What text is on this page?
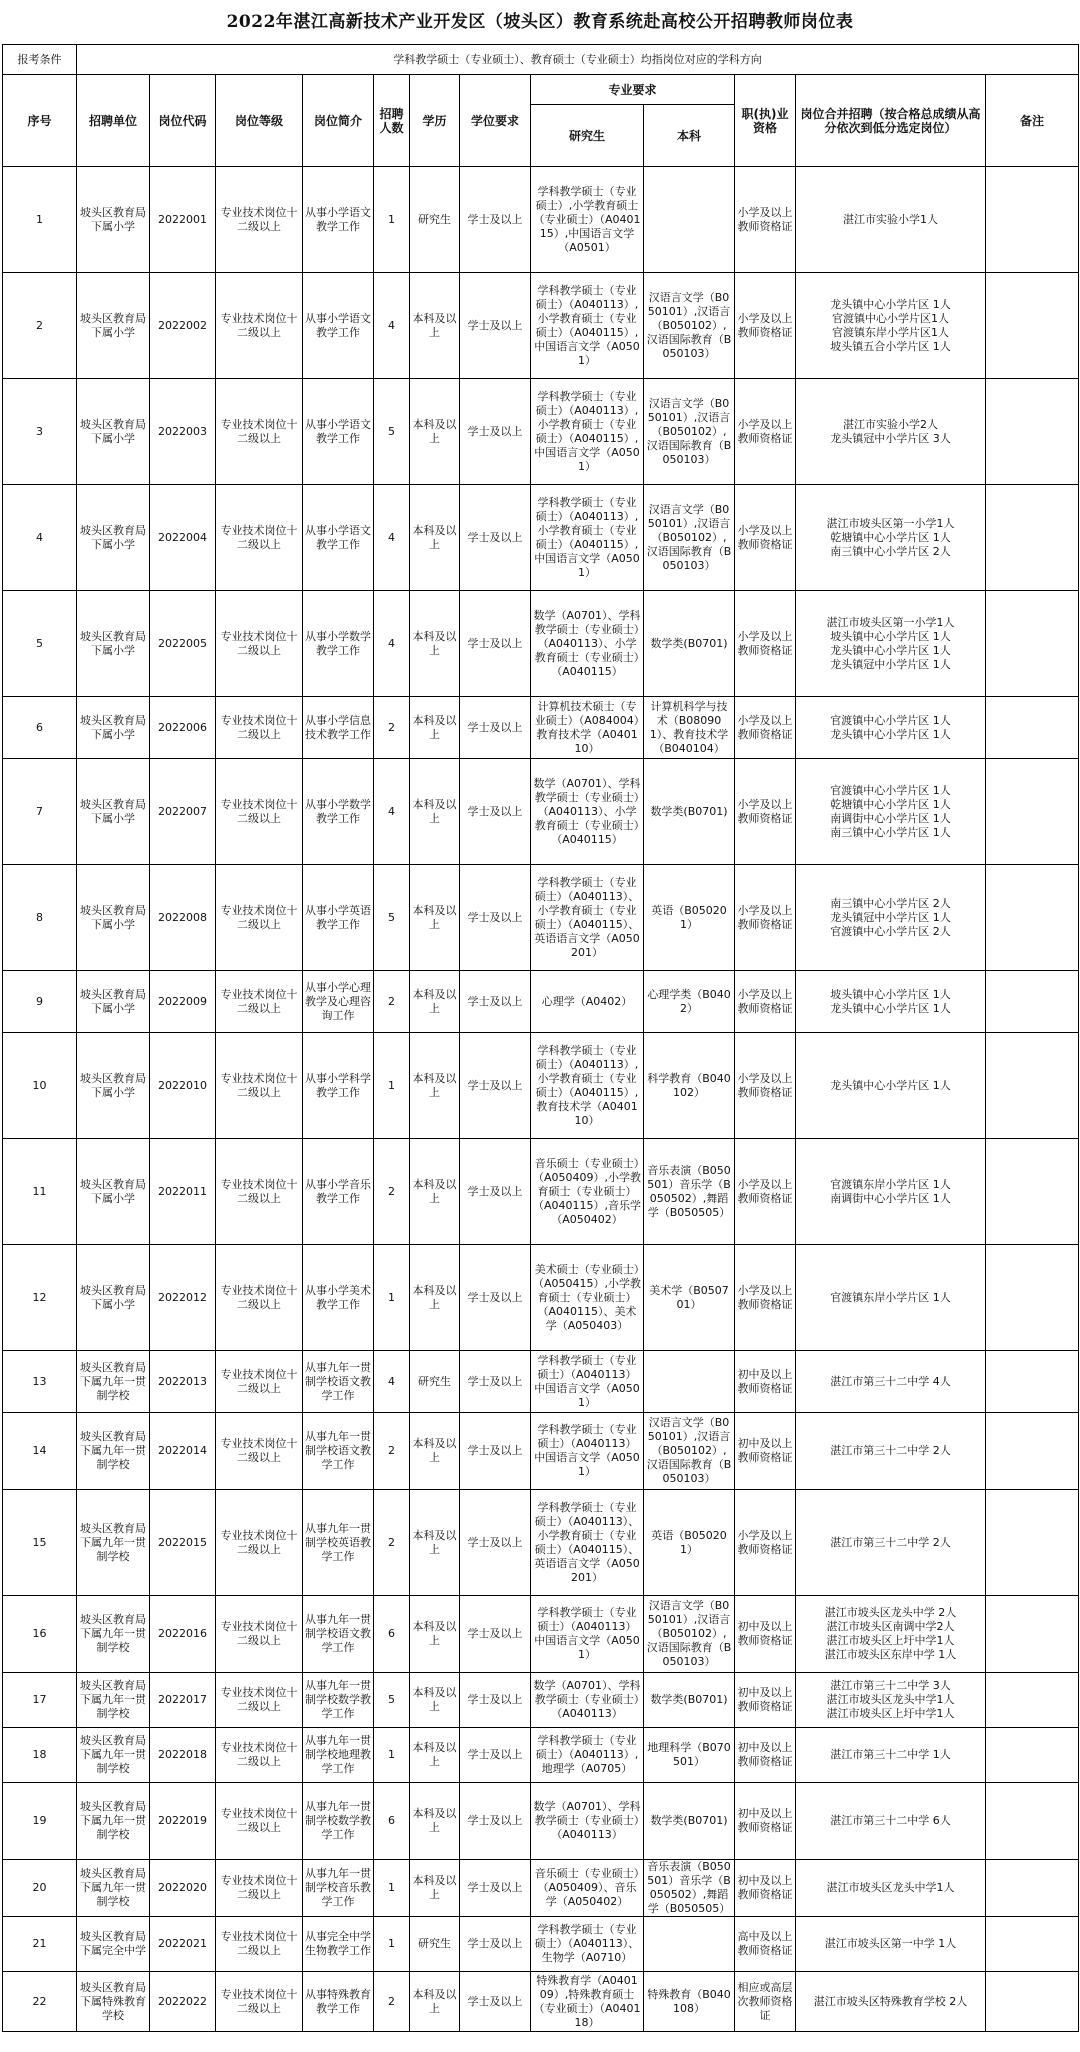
2022年湛江高新技术产业开发区（坡头区）教育系统赴高校公开招聘教师岗位表
报考条件	学科教学硕士（专业硕士）、教育硕士（专业硕士）均指岗位对应的学科方向											
序号	招聘单位	岗位代码	岗位等级	岗位简介	招聘人数	学历	学位要求	专业要求		职(执)业资格	岗位合并招聘（按合格总成绩从高分依次到低分选定岗位）	备注
								研究生	本科			
1	坡头区教育局下属小学	2022001	专业技术岗位十二级以上	从事小学语文教学工作	1	研究生	学士及以上	学科教学硕士（专业硕士）,小学教育硕士（专业硕士）（A040115）,中国语言文学（A0501）		小学及以上教师资格证	湛江市实验小学1人	

2	坡头区教育局下属小学	2022002	专业技术岗位十二级以上	从事小学语文教学工作	4	本科及以上	学士及以上	学科教学硕士（专业硕士）（A040113）,小学教育硕士（专业硕士）（A040115）,中国语言文学（A0501）	汉语言文学（B050101）,汉语言（B050102）,汉语国际教育（B050103）	小学及以上教师资格证	龙头镇中心小学片区 1人
官渡镇中心小学片区1人
官渡镇东岸小学片区1人
坡头镇五合小学片区 1人	

3	坡头区教育局下属小学	2022003	专业技术岗位十二级以上	从事小学语文教学工作	5	本科及以上	学士及以上	学科教学硕士（专业硕士）（A040113）,小学教育硕士（专业硕士）（A040115）,中国语言文学（A0501）	汉语言文学（B050101）,汉语言（B050102）,汉语国际教育（B050103）	小学及以上教师资格证	湛江市实验小学2人
龙头镇冠中小学片区 3人	

4	坡头区教育局下属小学	2022004	专业技术岗位十二级以上	从事小学语文教学工作	4	本科及以上	学士及以上	学科教学硕士（专业硕士）（A040113）,小学教育硕士（专业硕士）（A040115）,中国语言文学（A0501）	汉语言文学（B050101）,汉语言（B050102）,汉语国际教育（B050103）	小学及以上教师资格证	湛江市坡头区第一小学1人
乾塘镇中心小学片区 1人
南三镇中心小学片区 2人	

5	坡头区教育局下属小学	2022005	专业技术岗位十二级以上	从事小学数学教学工作	4	本科及以上	学士及以上	数学（A0701）、学科教学硕士（专业硕士）（A040113）、小学教育硕士（专业硕士）（A040115）	数学类(B0701)	小学及以上教师资格证	湛江市坡头区第一小学1人
坡头镇中心小学片区 1人
龙头镇中心小学片区 1人
龙头镇冠中小学片区 1人	

6	坡头区教育局下属小学	2022006	专业技术岗位十二级以上	从事小学信息技术教学工作	2	本科及以上	学士及以上	计算机技术硕士（专业硕士）（A084004）教育技术学（A040110）	计算机科学与技术（B080901）、教育技术学（B040104）	小学及以上教师资格证	官渡镇中心小学片区 1人
龙头镇中心小学片区 1人	

7	坡头区教育局下属小学	2022007	专业技术岗位十二级以上	从事小学数学教学工作	4	本科及以上	学士及以上	数学（A0701）、学科教学硕士（专业硕士）（A040113）、小学教育硕士（专业硕士）（A040115）	数学类(B0701)	小学及以上教师资格证	官渡镇中心小学片区 1人
乾塘镇中心小学片区 1人
南调街中心小学片区 1人
南三镇中心小学片区 1人	

8	坡头区教育局下属小学	2022008	专业技术岗位十二级以上	从事小学英语教学工作	5	本科及以上	学士及以上	学科教学硕士（专业硕士）（A040113）、小学教育硕士（专业硕士）（A040115）、英语语言文学（A050201）	英语（B050201）	小学及以上教师资格证	南三镇中心小学片区 2人
龙头镇冠中小学片区 1人
官渡镇中心小学片区 2人	

9	坡头区教育局下属小学	2022009	专业技术岗位十二级以上	从事小学心理教学及心理咨询工作	2	本科及以上	学士及以上	心理学（A0402）	心理学类（B0402）	小学及以上教师资格证	坡头镇中心小学片区 1人
龙头镇中心小学片区 1人	

10	坡头区教育局下属小学	2022010	专业技术岗位十二级以上	从事小学科学教学工作	1	本科及以上	学士及以上	学科教学硕士（专业硕士）（A040113）,小学教育硕士（专业硕士）（A040115）,教育技术学（A040110）	科学教育（B040102）	小学及以上教师资格证	龙头镇中心小学片区 1人	

11	坡头区教育局下属小学	2022011	专业技术岗位十二级以上	从事小学音乐教学工作	2	本科及以上	学士及以上	音乐硕士（专业硕士）（A050409）,小学教育硕士（专业硕士）（A040115）,音乐学（A050402）	音乐表演（B050501）音乐学（B050502）,舞蹈学（B050505）	小学及以上教师资格证	官渡镇东岸小学片区 1人
南调街中心小学片区 1人	

12	坡头区教育局下属小学	2022012	专业技术岗位十二级以上	从事小学美术教学工作	1	本科及以上	学士及以上	美术硕士（专业硕士）（A050415）,小学教育硕士（专业硕士）（A040115）、美术学（A050403）	美术学（B050701）	小学及以上教师资格证	官渡镇东岸小学片区 1人	

13	坡头区教育局下属九年一贯制学校	2022013	专业技术岗位十二级以上	从事九年一贯制学校语文教学工作	4	研究生	学士及以上	学科教学硕士（专业硕士）（A040113）中国语言文学（A0501）		初中及以上教师资格证	湛江市第三十二中学 4人	

14	坡头区教育局下属九年一贯制学校	2022014	专业技术岗位十二级以上	从事九年一贯制学校语文教学工作	2	本科及以上	学士及以上	学科教学硕士（专业硕士）（A040113）中国语言文学（A0501）	汉语言文学（B050101）,汉语言（B050102）,汉语国际教育（B050103）	初中及以上教师资格证	湛江市第三十二中学 2人	

15	坡头区教育局下属九年一贯制学校	2022015	专业技术岗位十二级以上	从事九年一贯制学校英语教学工作	2	本科及以上	学士及以上	学科教学硕士（专业硕士）（A040113）、小学教育硕士（专业硕士）（A040115）、英语语言文学（A050201）	英语（B050201）	小学及以上教师资格证	湛江市第三十二中学 2人	

16	坡头区教育局下属九年一贯制学校	2022016	专业技术岗位十二级以上	从事九年一贯制学校语文教学工作	6	本科及以上	学士及以上	学科教学硕士（专业硕士）（A040113）中国语言文学（A0501）	汉语言文学（B050101）,汉语言（B050102）,汉语国际教育（B050103）	初中及以上教师资格证	湛江市坡头区龙头中学 2人
湛江市坡头区南调中学2人
湛江市坡头区上圩中学1人
湛江市坡头区东岸中学 1人	

17	坡头区教育局下属九年一贯制学校	2022017	专业技术岗位十二级以上	从事九年一贯制学校数学教学工作	5	本科及以上	学士及以上	数学（A0701）、学科教学硕士（专业硕士）（A040113）	数学类(B0701)	初中及以上教师资格证	湛江市第三十二中学 3人
湛江市坡头区龙头中学1人
湛江市坡头区上圩中学1人	

18	坡头区教育局下属九年一贯制学校	2022018	专业技术岗位十二级以上	从事九年一贯制学校地理教学工作	1	本科及以上	学士及以上	学科教学硕士（专业硕士）（A040113）,地理学（A0705）	地理科学（B070501）	初中及以上教师资格证	湛江市第三十二中学 1人	

19	坡头区教育局下属九年一贯制学校	2022019	专业技术岗位十二级以上	从事九年一贯制学校数学教学工作	6	本科及以上	学士及以上	数学（A0701）、学科教学硕士（专业硕士）（A040113）	数学类(B0701)	初中及以上教师资格证	湛江市第三十二中学 6人	

20	坡头区教育局下属九年一贯制学校	2022020	专业技术岗位十二级以上	从事九年一贯制学校音乐教学工作	1	本科及以上	学士及以上	音乐硕士（专业硕士）（A050409）、音乐学（A050402）	音乐表演（B050501）音乐学（B050502）,舞蹈学（B050505）	初中及以上教师资格证	湛江市坡头区龙头中学1人	

21	坡头区教育局下属完全中学	2022021	专业技术岗位十二级以上	从事完全中学生物教学工作	1	研究生	学士及以上	学科教学硕士（专业硕士）（A040113）、生物学（A0710）		高中及以上教师资格证	湛江市坡头区第一中学 1人	

22	坡头区教育局下属特殊教育学校	2022022	专业技术岗位十二级以上	从事特殊教育教学工作	2	本科及以上	学士及以上	特殊教育学（A040109）,特殊教育硕士（专业硕士）（A040118）	特殊教育（B040108）	相应或高层次教师资格证	湛江市坡头区特殊教育学校 2人	
